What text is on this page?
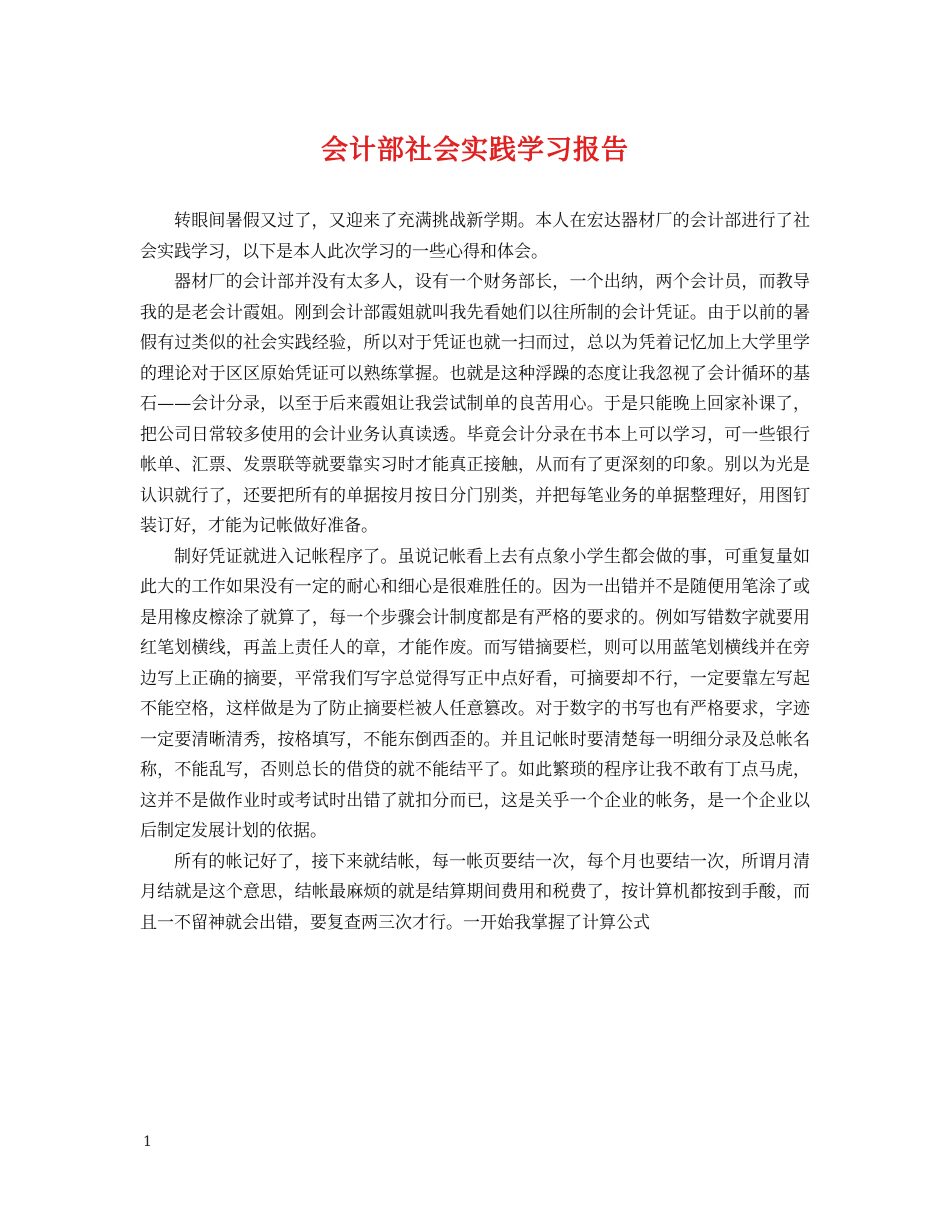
会计部社会实践学习报告

转眼间暑假又过了，又迎来了充满挑战新学期。本人在宏达器材厂的会计部进行了社会实践学习，以下是本人此次学习的一些心得和体会。

器材厂的会计部并没有太多人，设有一个财务部长，一个出纳，两个会计员，而教导我的是老会计霞姐。刚到会计部霞姐就叫我先看她们以往所制的会计凭证。由于以前的暑假有过类似的社会实践经验，所以对于凭证也就一扫而过，总以为凭着记忆加上大学里学的理论对于区区原始凭证可以熟练掌握。也就是这种浮躁的态度让我忽视了会计循环的基石——会计分录，以至于后来霞姐让我尝试制单的良苦用心。于是只能晚上回家补课了，把公司日常较多使用的会计业务认真读透。毕竟会计分录在书本上可以学习，可一些银行帐单、汇票、发票联等就要靠实习时才能真正接触，从而有了更深刻的印象。别以为光是认识就行了，还要把所有的单据按月按日分门别类，并把每笔业务的单据整理好，用图钉装订好，才能为记帐做好准备。

制好凭证就进入记帐程序了。虽说记帐看上去有点象小学生都会做的事，可重复量如此大的工作如果没有一定的耐心和细心是很难胜任的。因为一出错并不是随便用笔涂了或是用橡皮檫涂了就算了，每一个步骤会计制度都是有严格的要求的。例如写错数字就要用红笔划横线，再盖上责任人的章，才能作废。而写错摘要栏，则可以用蓝笔划横线并在旁边写上正确的摘要，平常我们写字总觉得写正中点好看，可摘要却不行，一定要靠左写起不能空格，这样做是为了防止摘要栏被人任意篡改。对于数字的书写也有严格要求，字迹一定要清晰清秀，按格填写，不能东倒西歪的。并且记帐时要清楚每一明细分录及总帐名称，不能乱写，否则总长的借贷的就不能结平了。如此繁琐的程序让我不敢有丁点马虎，这并不是做作业时或考试时出错了就扣分而已，这是关乎一个企业的帐务，是一个企业以后制定发展计划的依据。

所有的帐记好了，接下来就结帐，每一帐页要结一次，每个月也要结一次，所谓月清月结就是这个意思，结帐最麻烦的就是结算期间费用和税费了，按计算机都按到手酸，而且一不留神就会出错，要复查两三次才行。一开始我掌握了计算公式

1
